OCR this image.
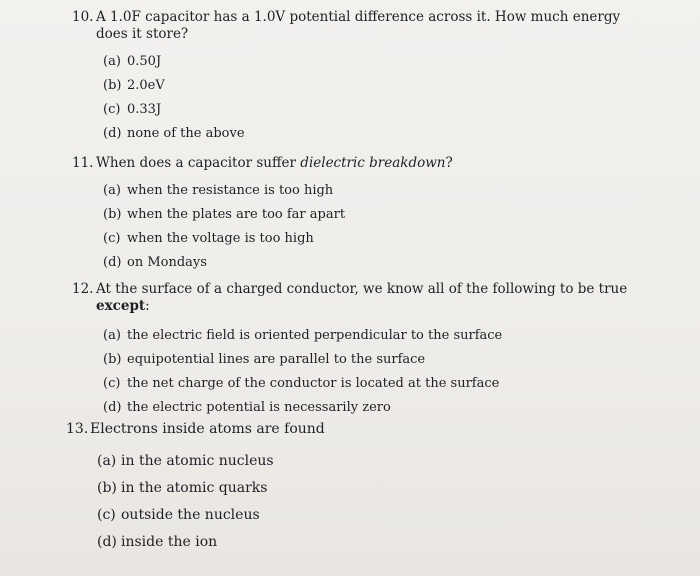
10. A 1.0F capacitor has a 1.0V potential difference across it. How much energy does it store?
(a) 0.50J
(b) 2.0eV
(c) 0.33J
(d) none of the above
11. When does a capacitor suffer dielectric breakdown?
(a) when the resistance is too high
(b) when the plates are too far apart
(c) when the voltage is too high
(d) on Mondays
12. At the surface of a charged conductor, we know all of the following to be true except:
(a) the electric field is oriented perpendicular to the surface
(b) equipotential lines are parallel to the surface
(c) the net charge of the conductor is located at the surface
(d) the electric potential is necessarily zero
13. Electrons inside atoms are found
(a) in the atomic nucleus
(b) in the atomic quarks
(c) outside the nucleus
(d) inside the ion
